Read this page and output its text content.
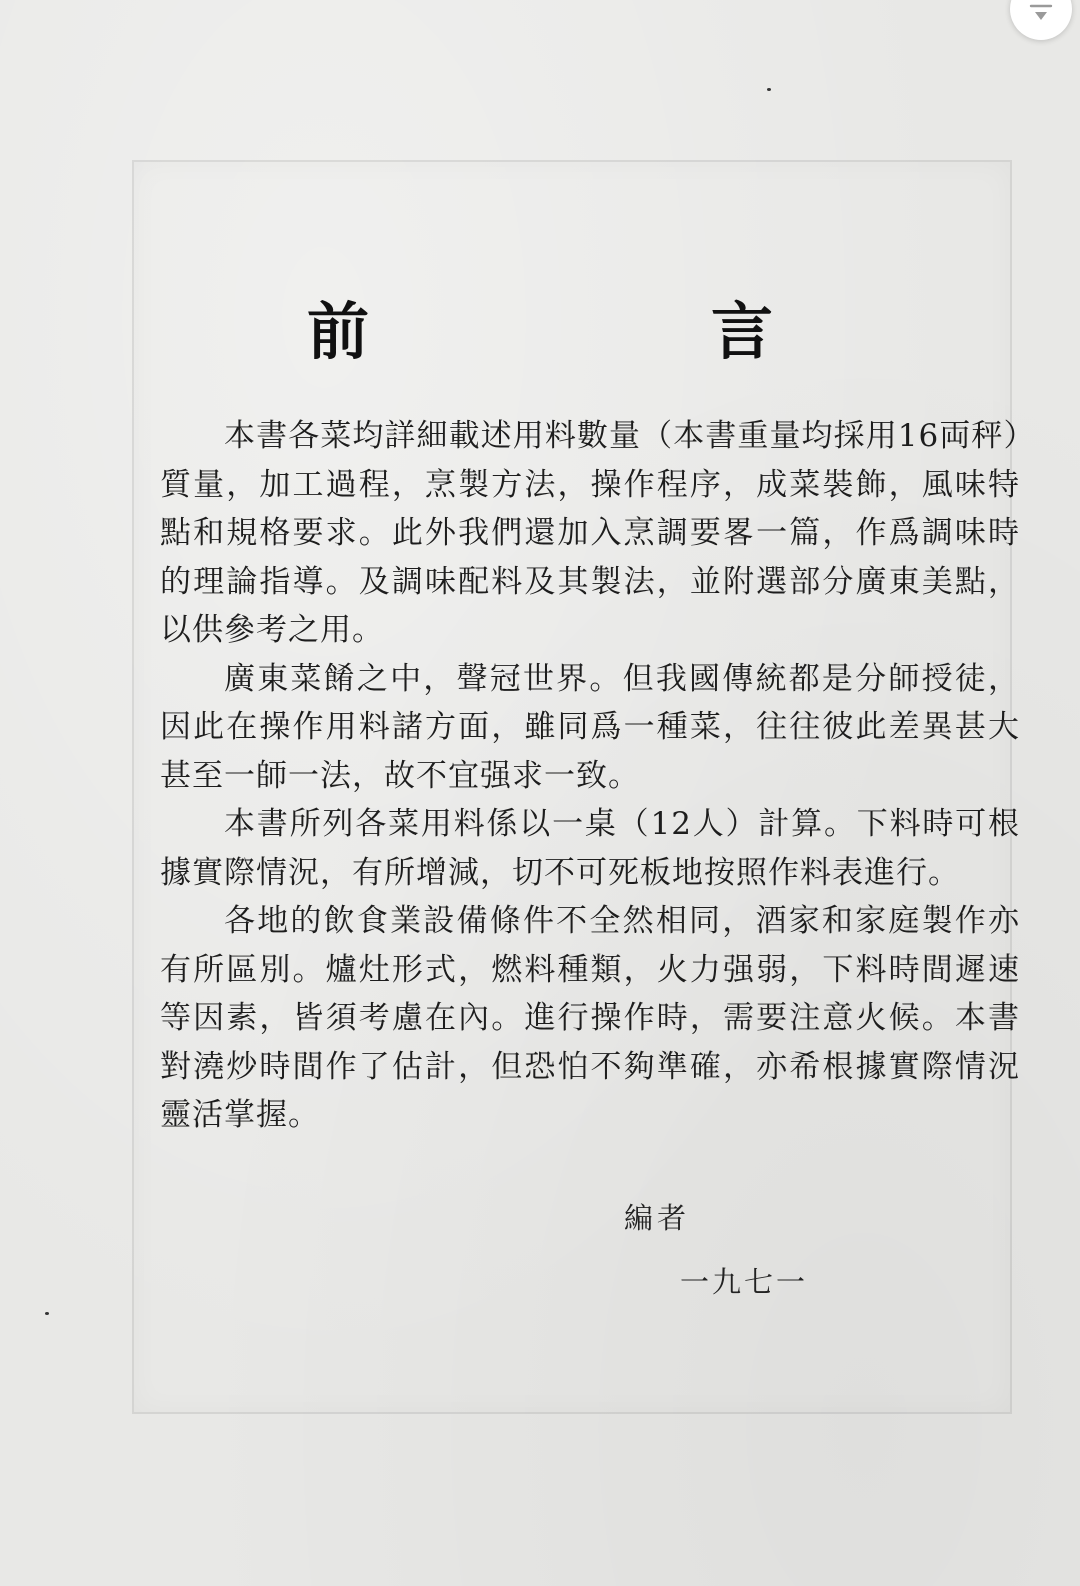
前　言

本書各菜均詳細載述用料數量（本書重量均採用16両秤）質量，加工過程，烹製方法，操作程序，成菜裝飾，風味特點和規格要求。此外我們還加入烹調要畧一篇，作爲調味時的理論指導。及調味配料及其製法，並附選部分廣東美點，以供參考之用。

廣東菜餚之中，聲冠世界。但我國傳統都是分師授徒，因此在操作用料諸方面，雖同爲一種菜，往往彼此差異甚大甚至一師一法，故不宜强求一致。

本書所列各菜用料係以一桌（12人）計算。下料時可根據實際情況，有所增減，切不可死板地按照作料表進行。

各地的飲食業設備條件不全然相同，酒家和家庭製作亦有所區別。爐灶形式，燃料種類，火力强弱，下料時間遲速等因素，皆須考慮在內。進行操作時，需要注意火候。本書對澆炒時間作了估計，但恐怕不夠準確，亦希根據實際情況靈活掌握。

編者
一九七一
